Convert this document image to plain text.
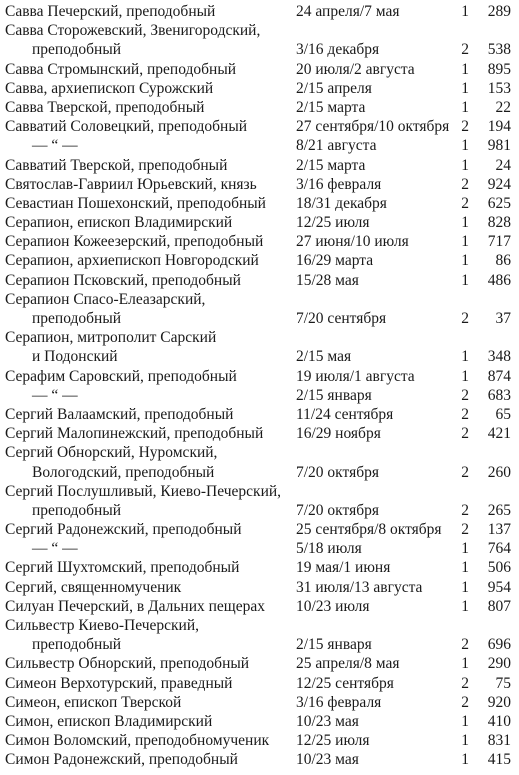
Савва Печерский, преподобный	24 апреля/7 мая	1 289
Савва Сторожевский, Звенигородский,
преподобный	3/16 декабря	2 538
Савва Стромынский, преподобный	20 июля/2 августа	1 895
Савва, архиепископ Сурожский	2/15 апреля	1 153
Савва Тверской, преподобный	2/15 марта	1 22
Савватий Соловецкий, преподобный	27 сентября/10 октября 2 194
— “ —	8/21 августа	1 981
Савватий Тверской, преподобный	2/15 марта	1 24
Святослав-Гавриил Юрьевский, князь	3/16 февраля	2 924
Севастиан Пошехонский, преподобный 18/31 декабря	2 625
Серапион, епископ Владимирский	12/25 июля	1 828
Серапион Кожеезерский, преподобный 27 июня/10 июля	1 717
Серапион, архиепископ Новгородский 16/29 марта	1 86
Серапион Псковский, преподобный	15/28 мая	1 486
Серапион Спасо-Елеазарский,
преподобный	7/20 сентября	2 37
Серапион, митрополит Сарский
и Подонский	2/15 мая	1 348
Серафим Саровский, преподобный	19 июля/1 августа	1 874
— “ —	2/15 января	2 683
Сергий Валаамский, преподобный	11/24 сентября	2 65
Сергий Малопинежский, преподобный 16/29 ноября	2 421
Сергий Обнорский, Нуромский,
Вологодский, преподобный	7/20 октября	2 260
Сергий Послушливый, Киево-Печерский,
преподобный	7/20 октября	2 265
Сергий Радонежский, преподобный	25 сентября/8 октября 2 137
— “ —	5/18 июля	1 764
Сергий Шухтомский, преподобный	19 мая/1 июня	1 506
Сергий, священномученик	31 июля/13 августа	1 954
Силуан Печерский, в Дальних пещерах 10/23 июля	1 807
Сильвестр Киево-Печерский,
преподобный	2/15 января	2 696
Сильвестр Обнорский, преподобный	25 апреля/8 мая	1 290
Симеон Верхотурский, праведный	12/25 сентября	2 75
Симеон, епископ Тверской	3/16 февраля	2 920
Симон, епископ Владимирский	10/23 мая	1 410
Симон Воломский, преподобномученик 12/25 июля	1 831
Симон Радонежский, преподобный	10/23 мая	1 415
